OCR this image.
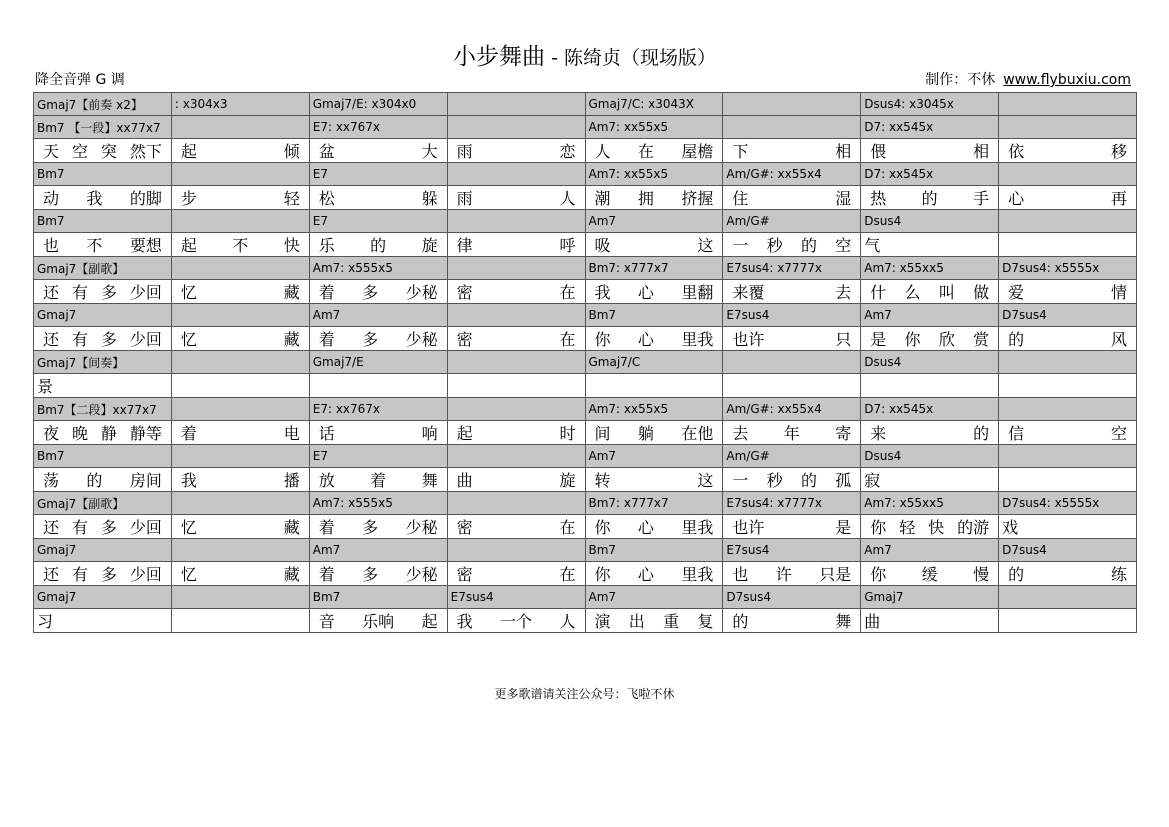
小步舞曲 - 陈绮贞（现场版）
降全音弹 G 调	制作：不休 www.flybuxiu.com
Gmaj7【前奏 x2】	: x304x3	Gmaj7/E: x304x0		Gmaj7/C: x3043X		Dsus4: x3045x	
Bm7 【一段】xx77x7		E7: xx767x		Am7: xx55x5		D7: xx545x	

天 空 突 然下	起 倾	盆 大	雨 恋	人 在 屋檐	下 相	偎 相	依 移

Bm7		E7		Am7: xx55x5	Am/G#: xx55x4	D7: xx545x	

动 我 的脚	步 轻	松 躲	雨 人	潮 拥 挤握	住 湿	热 的 手	心 再

Bm7		E7		Am7	Am/G#	Dsus4	

也 不 要想	起 不 快	乐 的 旋	律 呼	吸 这	一 秒 的 空	气	
Gmaj7【副歌】		Am7: x555x5		Bm7: x777x7	E7sus4: x7777x	Am7: x55xx5	D7sus4: x5555x

还 有 多 少回	忆 藏	着 多 少秘	密 在	我 心 里翻	来覆 去	什 么 叫 做	爱 情

Gmaj7		Am7		Bm7	E7sus4	Am7	D7sus4

还 有 多 少回	忆 藏	着 多 少秘	密 在	你 心 里我	也许 只	是 你 欣 赏	的 风

Gmaj7【间奏】		Gmaj7/E		Gmaj7/C		Dsus4	
景							
Bm7【二段】xx77x7		E7: xx767x		Am7: xx55x5	Am/G#: xx55x4	D7: xx545x	

夜 晚 静 静等	着 电	话 响	起 时	间 躺 在他	去 年 寄	来 的	信 空

Bm7		E7		Am7	Am/G#	Dsus4	

荡 的 房间	我 播	放 着 舞	曲 旋	转 这	一 秒 的 孤	寂	
Gmaj7【副歌】		Am7: x555x5		Bm7: x777x7	E7sus4: x7777x	Am7: x55xx5	D7sus4: x5555x

还 有 多 少回	忆 藏	着 多 少秘	密 在	你 心 里我	也许 是	你 轻 快 的游	戏
Gmaj7		Am7		Bm7	E7sus4	Am7	D7sus4

还 有 多 少回	忆 藏	着 多 少秘	密 在	你 心 里我	也 许 只是	你 缓 慢	的 练

Gmaj7		Bm7	E7sus4	Am7	D7sus4	Gmaj7	
习		音 乐响 起	我 一个 人	演 出 重 复	的 舞	曲	
更多歌谱请关注公众号：飞啦不休
